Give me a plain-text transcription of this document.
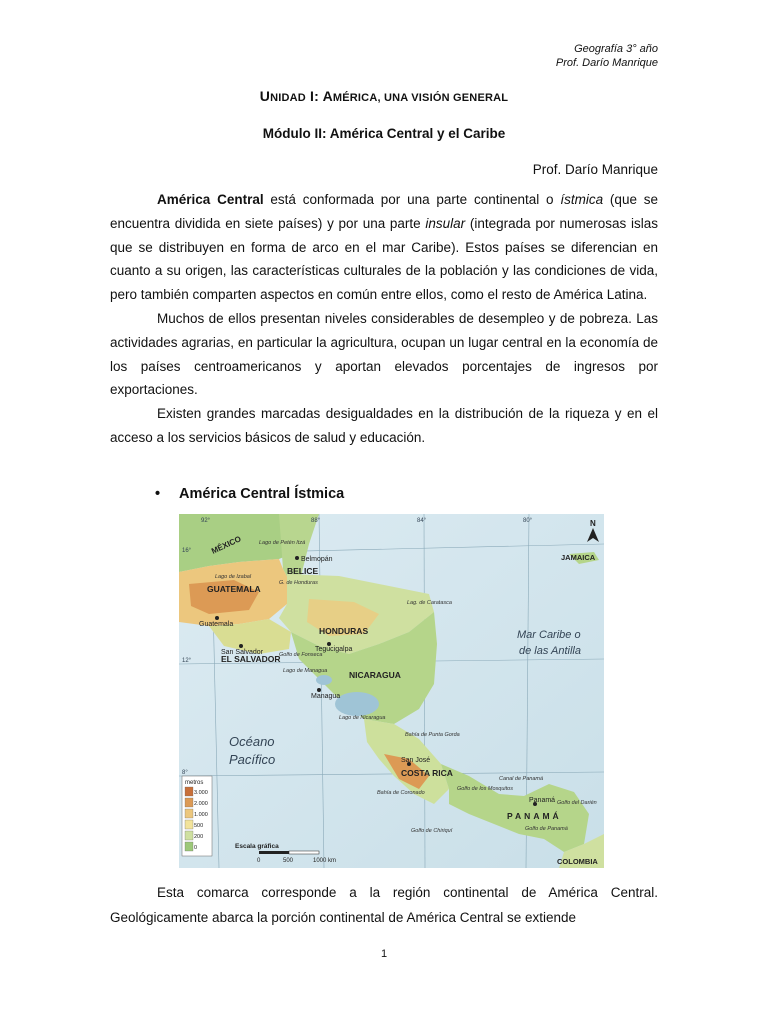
Geografía 3° año
Prof. Darío Manrique
UNIDAD I: AMÉRICA, UNA VISIÓN GENERAL
Módulo II: América Central y el Caribe
Prof. Darío Manrique

América Central está conformada por una parte continental o ístmica (que se encuentra dividida en siete países) y por una parte insular (integrada por numerosas islas que se distribuyen en forma de arco en el mar Caribe). Estos países se diferencian en cuanto a su origen, las características culturales de la población y las condiciones de vida, pero también comparten aspectos en común entre ellos, como el resto de América Latina.

Muchos de ellos presentan niveles considerables de desempleo y de pobreza. Las actividades agrarias, en particular la agricultura, ocupan un lugar central en la economía de los países centroamericanos y aportan elevados porcentajes de ingresos por exportaciones.

Existen grandes marcadas desigualdades en la distribución de la riqueza y en el acceso a los servicios básicos de salud y educación.

• América Central Ístmica
MÉXICO
BELICE
GUATEMALA
HONDURAS
EL SALVADOR
NICARAGUA
COSTA RICA
PANAMÁ
JAMAICA
COLOMBIA
Belmopán
Guatemala
Tegucigalpa
San Salvador
Managua
San José
Panamá
Lago de Petén Itzá
G. de Honduras
Lago de Izabal
Lago de Managua
Lago de Nicaragua
Golfo de Fonseca
Lag. de Caratasca
Bahía de Punta Gorda
Bahía de Coronado
Golfo de los Mosquitos
Golfo de Chiriquí
Canal de Panamá
Golfo de Panamá
Golfo del Darién
Mar Caribe o
de las Antilla
Océano
Pacífico
92°	88°	84°	80°
16°
12°
8°
N
metros
3.000
2.000
1.000
500
200
0	Escala gráfica
0	500	1000 km

Esta comarca corresponde a la región continental de América Central. Geológicamente abarca la porción continental de América Central se extiende

1
